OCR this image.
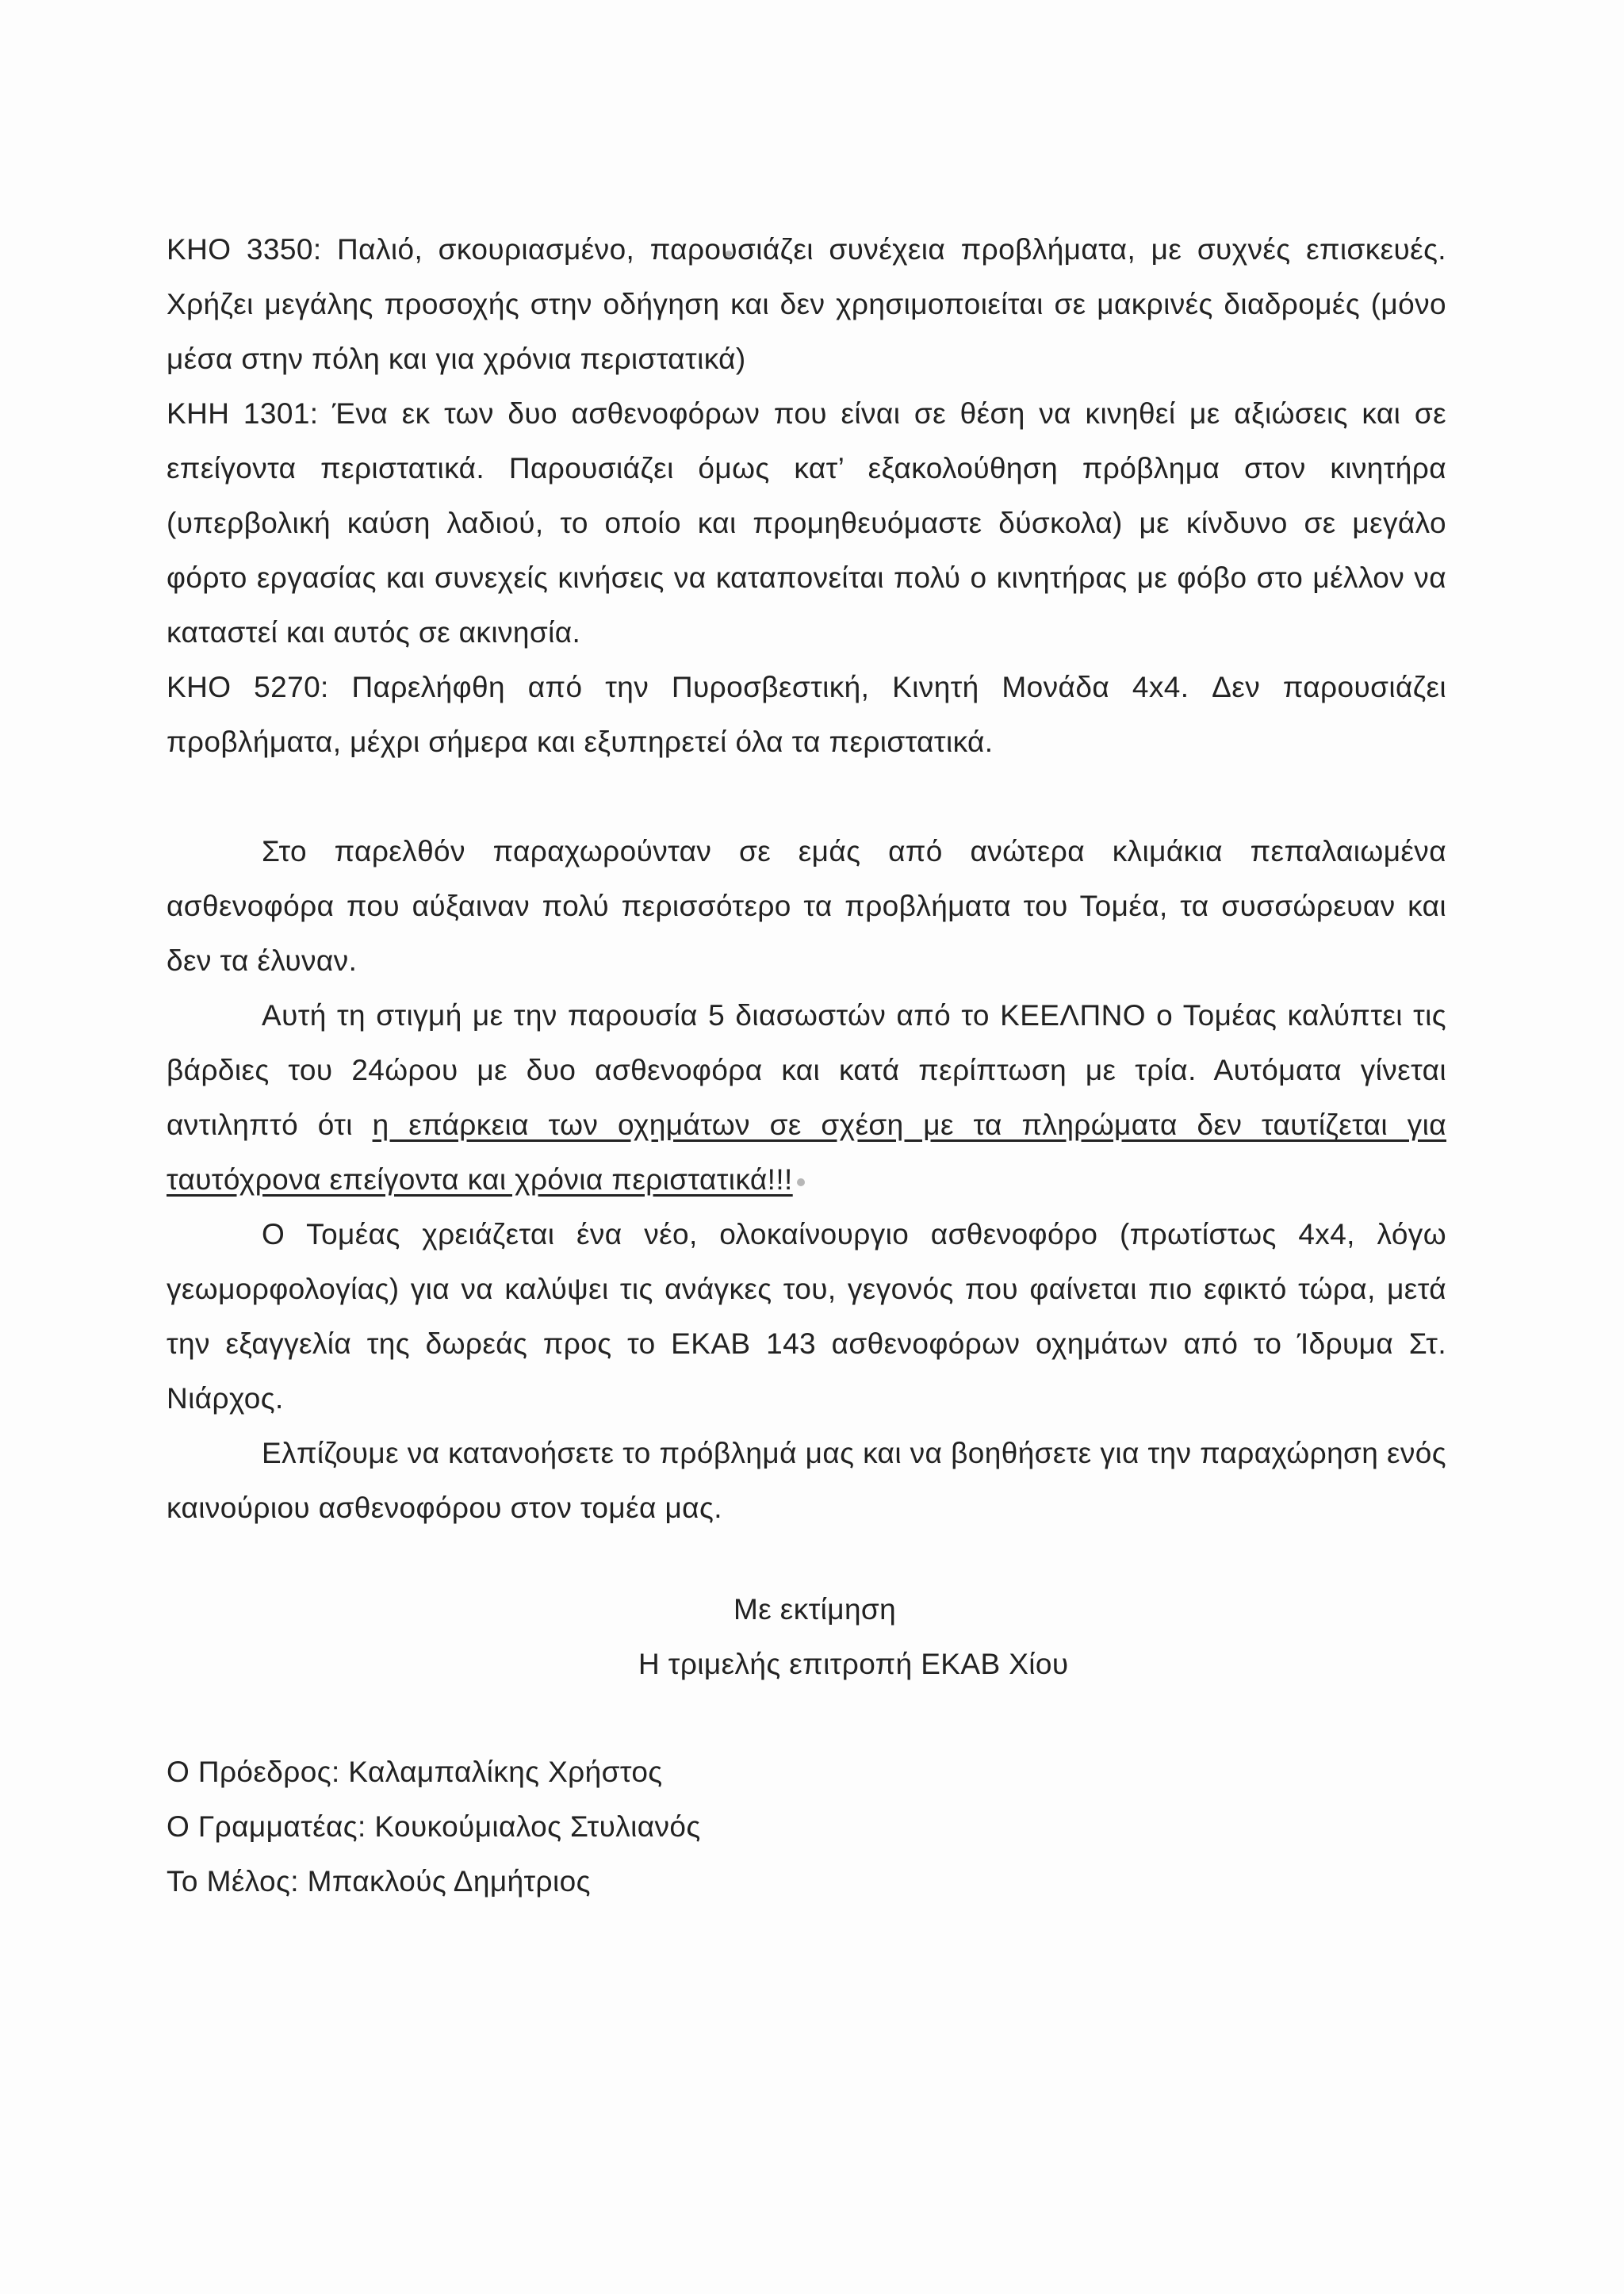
ΚΗΟ 3350: Παλιό, σκουριασμένο, παρουσιάζει συνέχεια προβλήματα, με συχνές επισκευές. Χρήζει μεγάλης προσοχής στην οδήγηση και δεν χρησιμοποιείται σε μακρινές διαδρομές (μόνο μέσα στην πόλη και για χρόνια περιστατικά)

ΚΗΗ 1301: Ένα εκ των δυο ασθενοφόρων που είναι σε θέση να κινηθεί με αξιώσεις και σε επείγοντα περιστατικά. Παρουσιάζει όμως κατ’ εξακολούθηση πρόβλημα στον κινητήρα (υπερβολική καύση λαδιού, το οποίο και προμηθευόμαστε δύσκολα) με κίνδυνο σε μεγάλο φόρτο εργασίας και συνεχείς κινήσεις να καταπονείται πολύ ο κινητήρας με φόβο στο μέλλον να καταστεί και αυτός σε ακινησία.

ΚΗΟ 5270: Παρελήφθη από την Πυροσβεστική, Κινητή Μονάδα 4x4. Δεν παρουσιάζει προβλήματα, μέχρι σήμερα και εξυπηρετεί όλα τα περιστατικά.

Στο παρελθόν παραχωρούνταν σε εμάς από ανώτερα κλιμάκια πεπαλαιωμένα ασθενοφόρα που αύξαιναν πολύ περισσότερο τα προβλήματα του Τομέα, τα συσσώρευαν και δεν τα έλυναν.

Αυτή τη στιγμή με την παρουσία 5 διασωστών από το ΚΕΕΛΠΝΟ ο Τομέας καλύπτει τις βάρδιες του 24ώρου με δυο ασθενοφόρα και κατά περίπτωση με τρία. Αυτόματα γίνεται αντιληπτό ότι η επάρκεια των οχημάτων σε σχέση με τα πληρώματα δεν ταυτίζεται για ταυτόχρονα επείγοντα και χρόνια περιστατικά!!!

Ο Τομέας χρειάζεται ένα νέο, ολοκαίνουργιο ασθενοφόρο (πρωτίστως 4x4, λόγω γεωμορφολογίας) για να καλύψει τις ανάγκες του, γεγονός που φαίνεται πιο εφικτό τώρα, μετά την εξαγγελία της δωρεάς προς το ΕΚΑΒ 143 ασθενοφόρων οχημάτων από το Ίδρυμα Στ. Νιάρχος.

Ελπίζουμε να κατανοήσετε το πρόβλημά μας και να βοηθήσετε για την παραχώρηση ενός καινούριου ασθενοφόρου στον τομέα μας.

Με εκτίμηση
Η τριμελής επιτροπή ΕΚΑΒ Χίου
Ο Πρόεδρος: Καλαμπαλίκης Χρήστος
Ο Γραμματέας: Κουκούμιαλος Στυλιανός
Το Μέλος: Μπακλούς Δημήτριος
